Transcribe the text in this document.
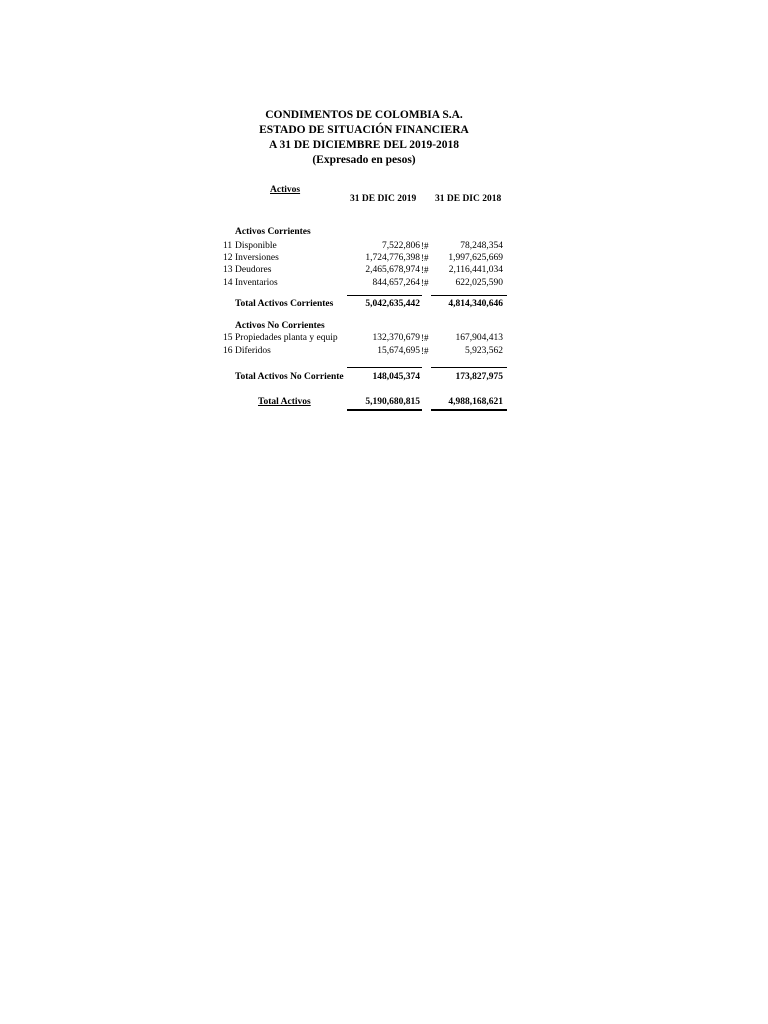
CONDIMENTOS DE COLOMBIA S.A.
ESTADO DE SITUACIÓN FINANCIERA
A 31 DE DICIEMBRE DEL 2019-2018
(Expresado en pesos)
Activos
31 DE DIC 2019 31 DE DIC 2018
Activos Corrientes
11 Disponible	7,522,806 !#	78,248,354
12 Inversiones	1,724,776,398 !#	1,997,625,669
13 Deudores	2,465,678,974 !#	2,116,441,034
14 Inventarios	844,657,264 !#	622,025,590
Total Activos Corrientes	5,042,635,442	4,814,340,646
Activos No Corrientes
15 Propiedades planta y equip	132,370,679 !#	167,904,413
16 Diferidos	15,674,695 !#	5,923,562
Total Activos No Corriente	148,045,374	173,827,975
Total Activos	5,190,680,815	4,988,168,621
